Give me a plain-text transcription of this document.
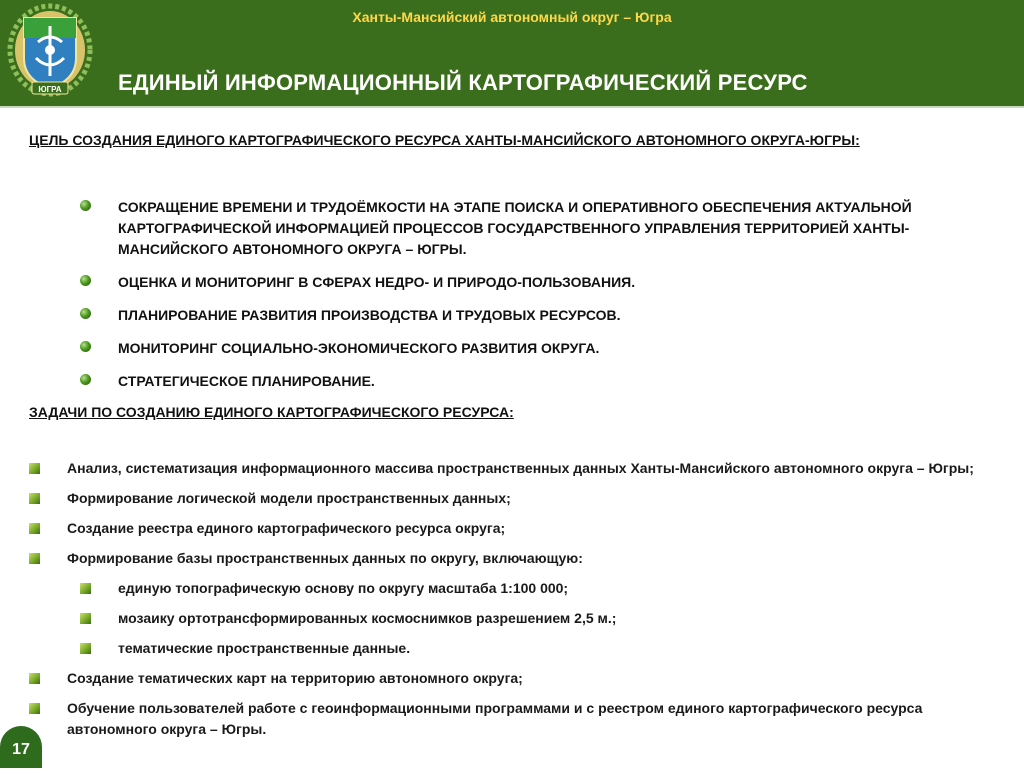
ЮГРА
Ханты-Мансийский автономный округ – Югра
ЕДИНЫЙ ИНФОРМАЦИОННЫЙ КАРТОГРАФИЧЕСКИЙ РЕСУРС
ЦЕЛЬ СОЗДАНИЯ ЕДИНОГО КАРТОГРАФИЧЕСКОГО РЕСУРСА ХАНТЫ-МАНСИЙСКОГО АВТОНОМНОГО ОКРУГА-ЮГРЫ:
СОКРАЩЕНИЕ ВРЕМЕНИ И ТРУДОЁМКОСТИ НА ЭТАПЕ ПОИСКА И ОПЕРАТИВНОГО ОБЕСПЕЧЕНИЯ АКТУАЛЬНОЙ КАРТОГРАФИЧЕСКОЙ ИНФОРМАЦИЕЙ ПРОЦЕССОВ ГОСУДАРСТВЕННОГО УПРАВЛЕНИЯ ТЕРРИТОРИЕЙ ХАНТЫ-МАНСИЙСКОГО АВТОНОМНОГО ОКРУГА – ЮГРЫ.
ОЦЕНКА И МОНИТОРИНГ В СФЕРАХ НЕДРО- И ПРИРОДО-ПОЛЬЗОВАНИЯ.
ПЛАНИРОВАНИЕ РАЗВИТИЯ ПРОИЗВОДСТВА И ТРУДОВЫХ РЕСУРСОВ.
МОНИТОРИНГ СОЦИАЛЬНО-ЭКОНОМИЧЕСКОГО РАЗВИТИЯ ОКРУГА.
СТРАТЕГИЧЕСКОЕ ПЛАНИРОВАНИЕ.
ЗАДАЧИ ПО СОЗДАНИЮ ЕДИНОГО КАРТОГРАФИЧЕСКОГО РЕСУРСА:
Анализ, систематизация информационного массива пространственных данных Ханты-Мансийского автономного округа – Югры;
Формирование логической модели пространственных данных;
Создание реестра единого картографического ресурса округа;
Формирование базы пространственных данных по округу, включающую:
единую топографическую основу по округу масштаба 1:100 000;
мозаику ортотрансформированных космоснимков разрешением 2,5 м.;
тематические пространственные данные.
Создание тематических карт на территорию автономного округа;
Обучение пользователей работе с геоинформационными программами и с реестром единого картографического ресурса автономного округа – Югры.
17
